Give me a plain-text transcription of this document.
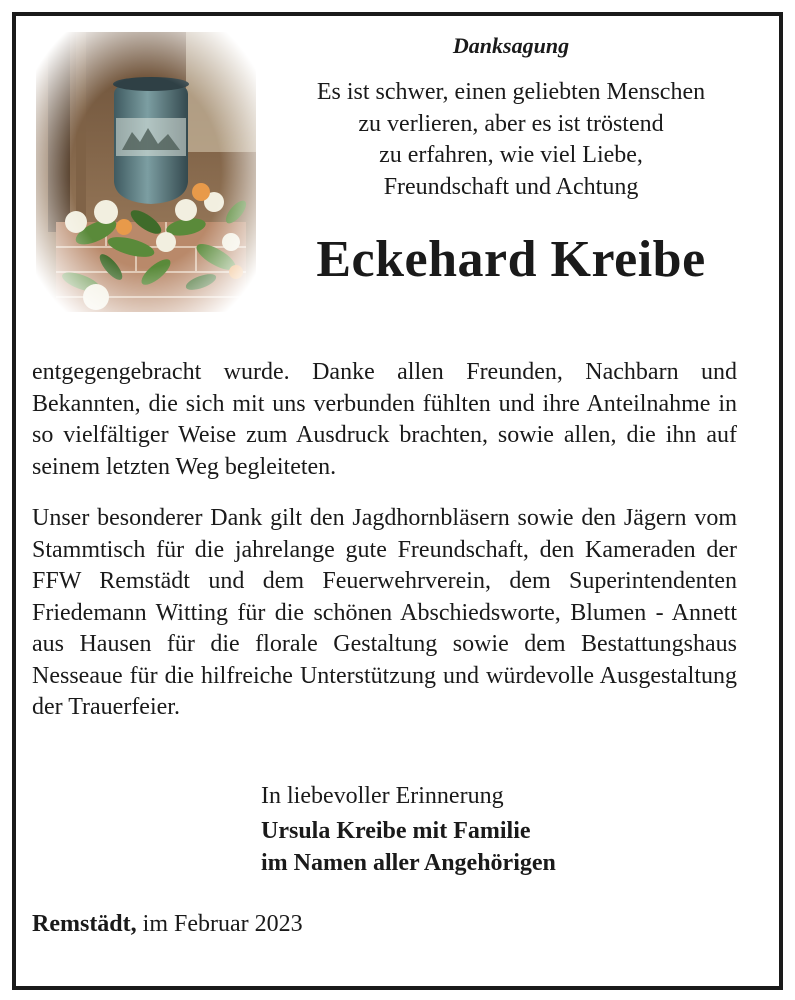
Danksagung
Es ist schwer, einen geliebten Menschen
zu verlieren, aber es ist tröstend
zu erfahren, wie viel Liebe,
Freundschaft und Achtung
Eckehard Kreibe
entgegengebracht wurde. Danke allen Freunden, Nachbarn und Bekannten, die sich mit uns verbunden fühlten und ihre Anteilnahme in so vielfältiger Weise zum Ausdruck brachten, sowie allen, die ihn auf seinem letzten Weg begleiteten.
Unser besonderer Dank gilt den Jagdhornbläsern sowie den Jägern vom Stammtisch für die jahrelange gute Freundschaft, den Kameraden der FFW Remstädt und dem Feuerwehrverein, dem Superintendenten Friedemann Witting für die schönen Abschiedsworte, Blumen - Annett aus Hausen für die florale Gestaltung sowie dem Bestattungshaus Nesseaue für die hilfreiche Unterstützung und würdevolle Ausgestaltung der Trauerfeier.
In liebevoller Erinnerung
Ursula Kreibe mit Familie
im Namen aller Angehörigen
Remstädt, im Februar 2023
